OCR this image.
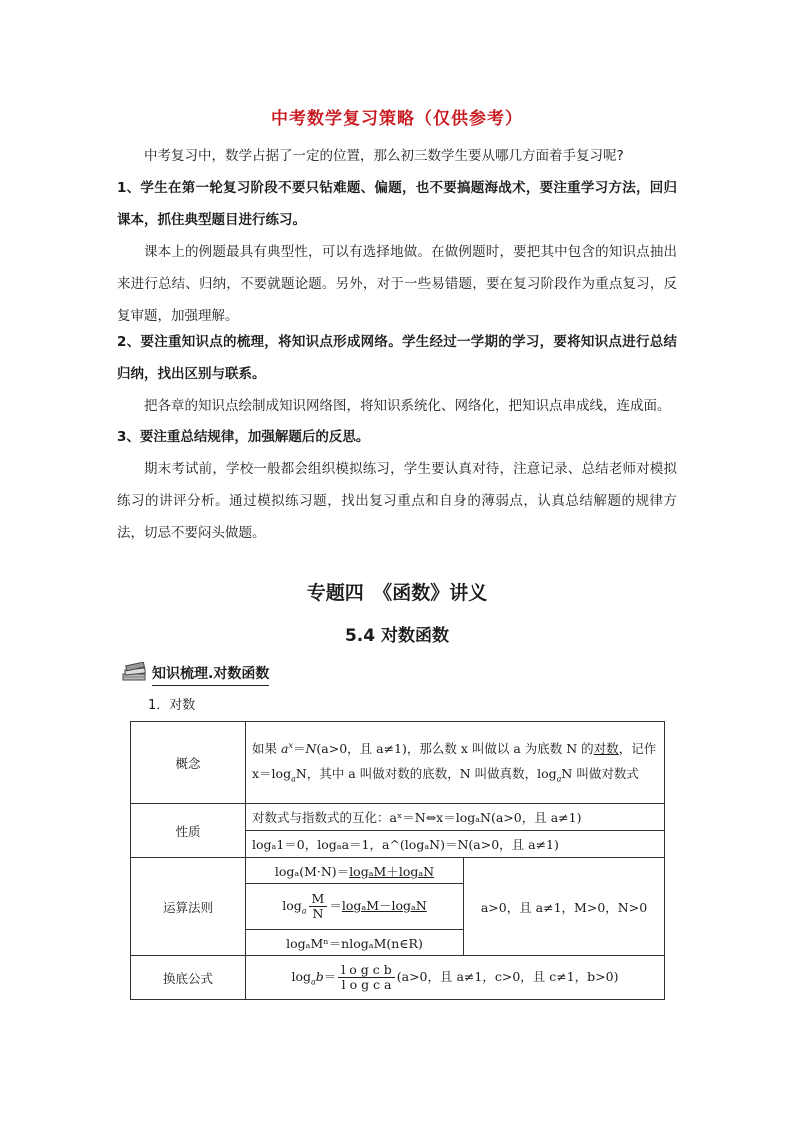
中考数学复习策略（仅供参考）
中考复习中，数学占据了一定的位置，那么初三数学生要从哪几方面着手复习呢?
1、学生在第一轮复习阶段不要只钻难题、偏题，也不要搞题海战术，要注重学习方法，回归课本，抓住典型题目进行练习。
课本上的例题最具有典型性，可以有选择地做。在做例题时，要把其中包含的知识点抽出来进行总结、归纳，不要就题论题。另外，对于一些易错题，要在复习阶段作为重点复习，反复审题，加强理解。
2、要注重知识点的梳理，将知识点形成网络。学生经过一学期的学习，要将知识点进行总结归纳，找出区别与联系。
把各章的知识点绘制成知识网络图，将知识系统化、网络化，把知识点串成线，连成面。
3、要注重总结规律，加强解题后的反思。
期末考试前，学校一般都会组织模拟练习，学生要认真对待，注意记录、总结老师对模拟练习的讲评分析。通过模拟练习题，找出复习重点和自身的薄弱点，认真总结解题的规律方法，切忌不要闷头做题。
专题四　《函数》讲义
5.4 对数函数
知识梳理.对数函数
1．对数
概念	如果 $a^x=N(a>0$，且 a≠1)，那么数 x 叫做以 a 为底数 N 的对数，记作 $x=\log_aN$，其中 a 叫做对数的底数，N 叫做真数，$\log_aN$ 叫做对数式	
性质	对数式与指数式的互化：aˣ＝N⇔x＝logₐN(a>0，且 a≠1)	
	logₐ1＝0，logₐa＝1，a^(logₐN)＝N(a>0，且 a≠1)	
运算法则	logₐ(M·N)＝logₐM＋logₐN	a>0，且 a≠1，M>0，N>0
	$\log_a \frac{M}{N} =\log_aM-\log_aN$	
	logₐMⁿ＝nlogₐM(n∈R)	
换底公式	$\log_ab= \frac{\text{l o g c b}}{\text{l o g c a}} (a>0$，且 a≠1，c>0，且 c≠1，b>0)	
